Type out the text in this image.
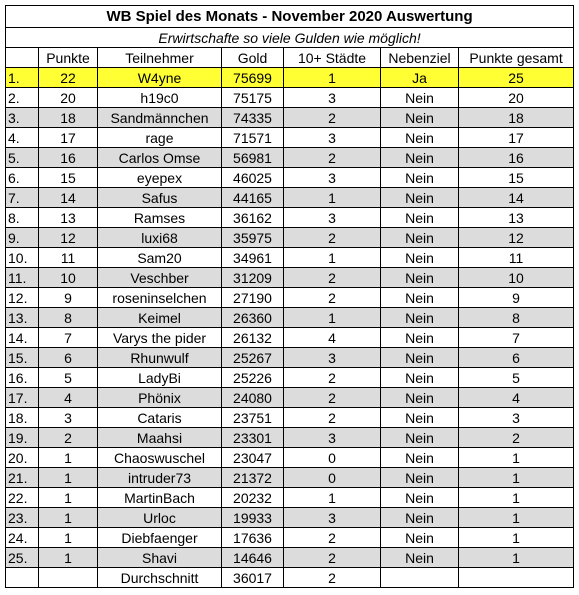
WB Spiel des Monats - November 2020 Auswertung						
Erwirtschafte so viele Gulden wie möglich!						
	Punkte	Teilnehmer	Gold	10+ Städte	Nebenziel	Punkte gesamt
1.	22	W4yne	75699	1	Ja	25
2.	20	h19c0	75175	3	Nein	20
3.	18	Sandmännchen	74335	2	Nein	18
4.	17	rage	71571	3	Nein	17
5.	16	Carlos Omse	56981	2	Nein	16
6.	15	eyepex	46025	3	Nein	15
7.	14	Safus	44165	1	Nein	14
8.	13	Ramses	36162	3	Nein	13
9.	12	luxi68	35975	2	Nein	12
10.	11	Sam20	34961	1	Nein	11
11.	10	Veschber	31209	2	Nein	10
12.	9	roseninselchen	27190	2	Nein	9
13.	8	Keimel	26360	1	Nein	8
14.	7	Varys the pider	26132	4	Nein	7
15.	6	Rhunwulf	25267	3	Nein	6
16.	5	LadyBi	25226	2	Nein	5
17.	4	Phönix	24080	2	Nein	4
18.	3	Cataris	23751	2	Nein	3
19.	2	Maahsi	23301	3	Nein	2
20.	1	Chaoswuschel	23047	0	Nein	1
21.	1	intruder73	21372	0	Nein	1
22.	1	MartinBach	20232	1	Nein	1
23.	1	Urloc	19933	3	Nein	1
24.	1	Diebfaenger	17636	2	Nein	1
25.	1	Shavi	14646	2	Nein	1
		Durchschnitt	36017	2		
